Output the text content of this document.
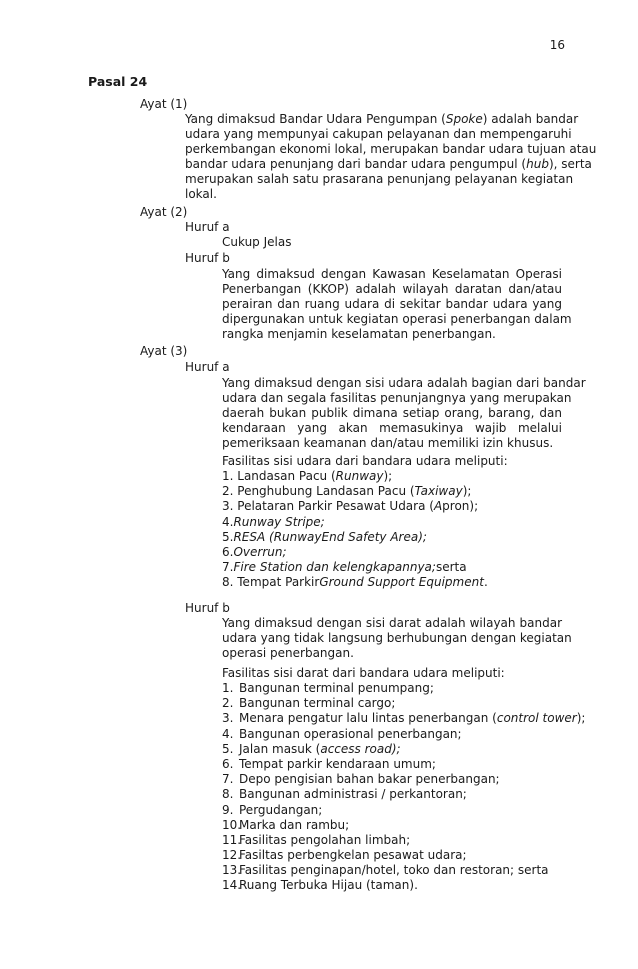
16
Pasal 24
Ayat (1)
Yang dimaksud Bandar Udara Pengumpan (Spoke) adalah bandar
udara yang mempunyai cakupan pelayanan dan mempengaruhi
perkembangan ekonomi lokal, merupakan bandar udara tujuan atau
bandar udara penunjang dari bandar udara pengumpul (hub), serta
merupakan salah satu prasarana penunjang pelayanan kegiatan
lokal.
Ayat (2)
Huruf a
Cukup Jelas
Huruf b
Yang dimaksud dengan Kawasan Keselamatan Operasi
Penerbangan (KKOP) adalah wilayah daratan dan/atau
perairan dan ruang udara di sekitar bandar udara yang
dipergunakan untuk kegiatan operasi penerbangan dalam
rangka menjamin keselamatan penerbangan.
Ayat (3)
Huruf a
Yang dimaksud dengan sisi udara adalah bagian dari bandar
udara dan segala fasilitas penunjangnya yang merupakan
daerah bukan publik dimana setiap orang, barang, dan
kendaraan yang akan memasukinya wajib melalui
pemeriksaan keamanan dan/atau memiliki izin khusus.
Fasilitas sisi udara dari bandara udara meliputi:
1. Landasan Pacu ( Runway );
2. Penghubung Landasan Pacu ( Taxiway );
3. Pelataran Parkir Pesawat Udara ( A pron);
4. Runway Stripe;
5. RESA (RunwayEnd Safety Area);
6. Overrun;
7. Fire Station dan kelengkapannya; serta
8. Tempat Parkir Ground Support Equipment .
Huruf b
Yang dimaksud dengan sisi darat adalah wilayah bandar
udara yang tidak langsung berhubungan dengan kegiatan
operasi penerbangan.
Fasilitas sisi darat dari bandara udara meliputi:
1. Bangunan terminal penumpang;
2. Bangunan terminal cargo;
3. Menara pengatur lalu lintas penerbangan (control tower);
4. Bangunan operasional penerbangan;
5. Jalan masuk (access road);
6. Tempat parkir kendaraan umum;
7. Depo pengisian bahan bakar penerbangan;
8. Bangunan administrasi / perkantoran;
9. Pergudangan;
10.
Marka dan rambu;
11.
Fasilitas pengolahan limbah;
12.
Fasiltas perbengkelan pesawat udara;
13.
Fasilitas penginapan/hotel, toko dan restoran; serta
14.
Ruang Terbuka Hijau (taman).
